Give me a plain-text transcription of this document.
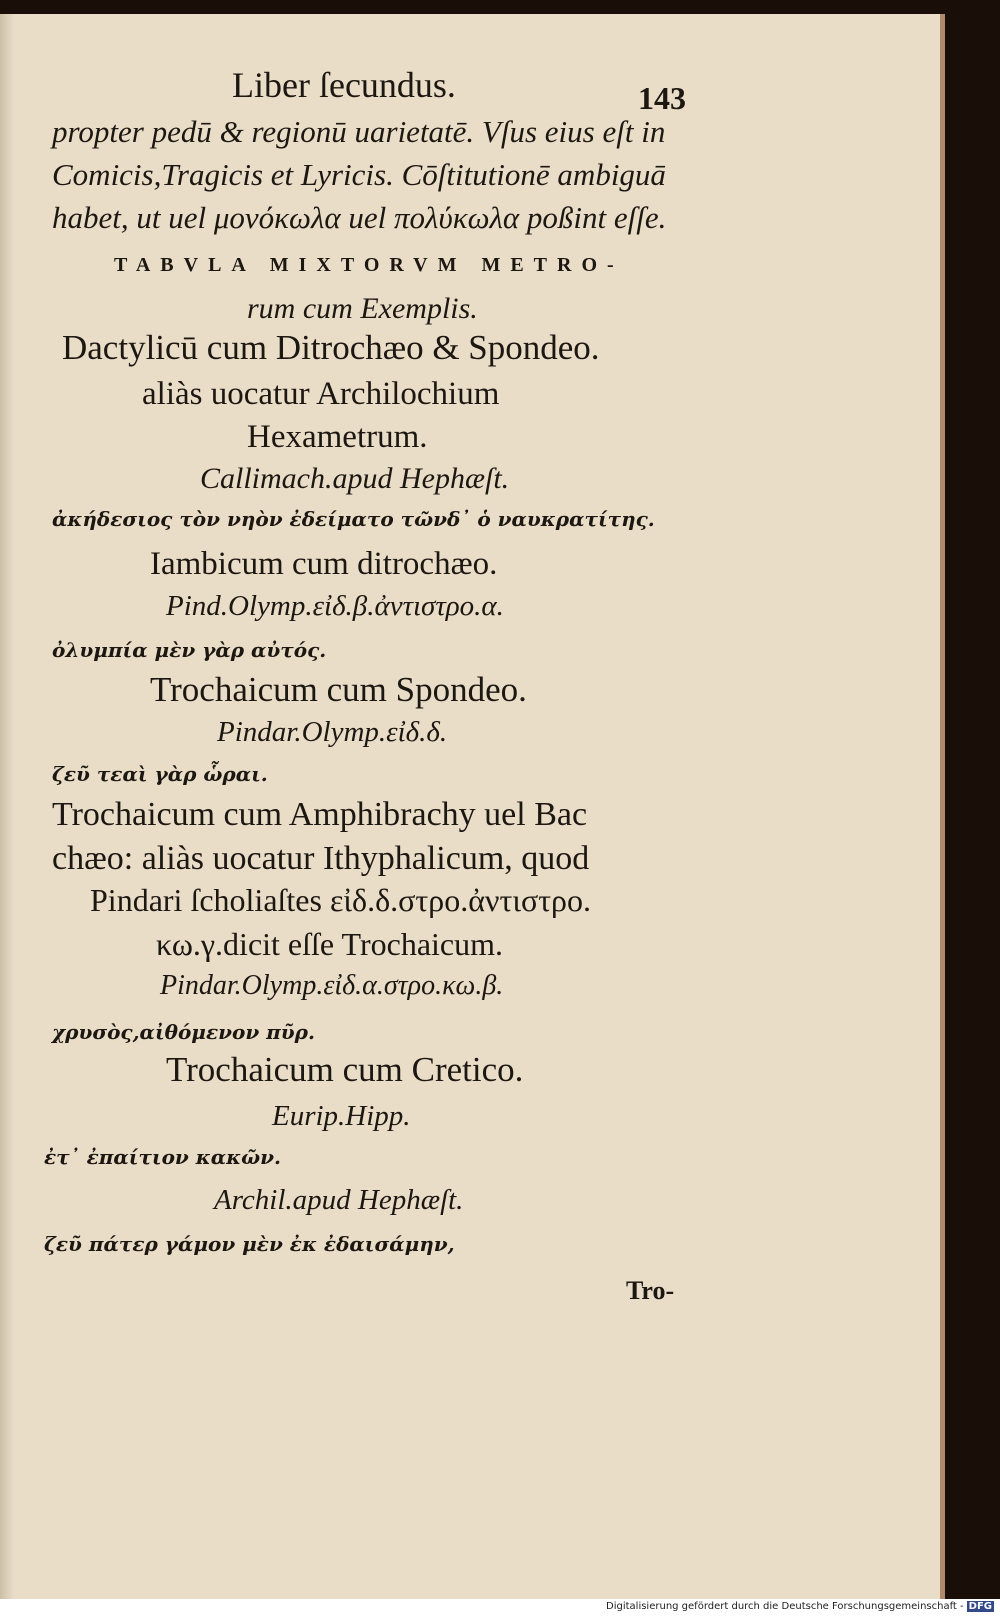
Liber ſecundus.	143

propter pedū & regionū uarietatē. Vſus eius eſt in

Comicis,Tragicis et Lyricis. Cōſtitutionē ambiguā

habet, ut uel μονόκωλα uel πολύκωλα poßint eſſe.

TABVLA MIXTORVM METRO-

rum cum Exemplis.

Dactylicū cum Ditrochæo & Spondeo.

aliàs uocatur Archilochium

Hexametrum.

Callimach.apud Hephæſt.

ἀκήδεσιος τὸν νηὸν ἐδείματο τῶνδ᾽ ὁ ναυκρατίτης.

Iambicum cum ditrochæo.

Pind.Olymp.εἰδ.β.ἀντιστρο.α.

ὀλυμπία μὲν γὰρ αὐτός.

Trochaicum cum Spondeo.

Pindar.Olymp.εἰδ.δ.

ζεῦ τεαὶ γὰρ ὧραι.

Trochaicum cum Amphibrachy uel Bac

chæo: aliàs uocatur Ithyphalicum, quod

Pindari ſcholiaſtes εἰδ.δ.στρο.ἀντιστρο.

κω.γ.dicit eſſe Trochaicum.

Pindar.Olymp.εἰδ.α.στρο.κω.β.

χρυσὸς,αἰθόμενον πῦρ.

Trochaicum cum Cretico.

Eurip.Hipp.

ἐτ᾽ ἐπαίτιον κακῶν.

Archil.apud Hephæſt.

ζεῦ πάτερ γάμον μὲν ἐκ ἐδαισάμην,

Tro-

Digitalisierung gefördert durch die Deutsche Forschungsgemeinschaft - DFG
